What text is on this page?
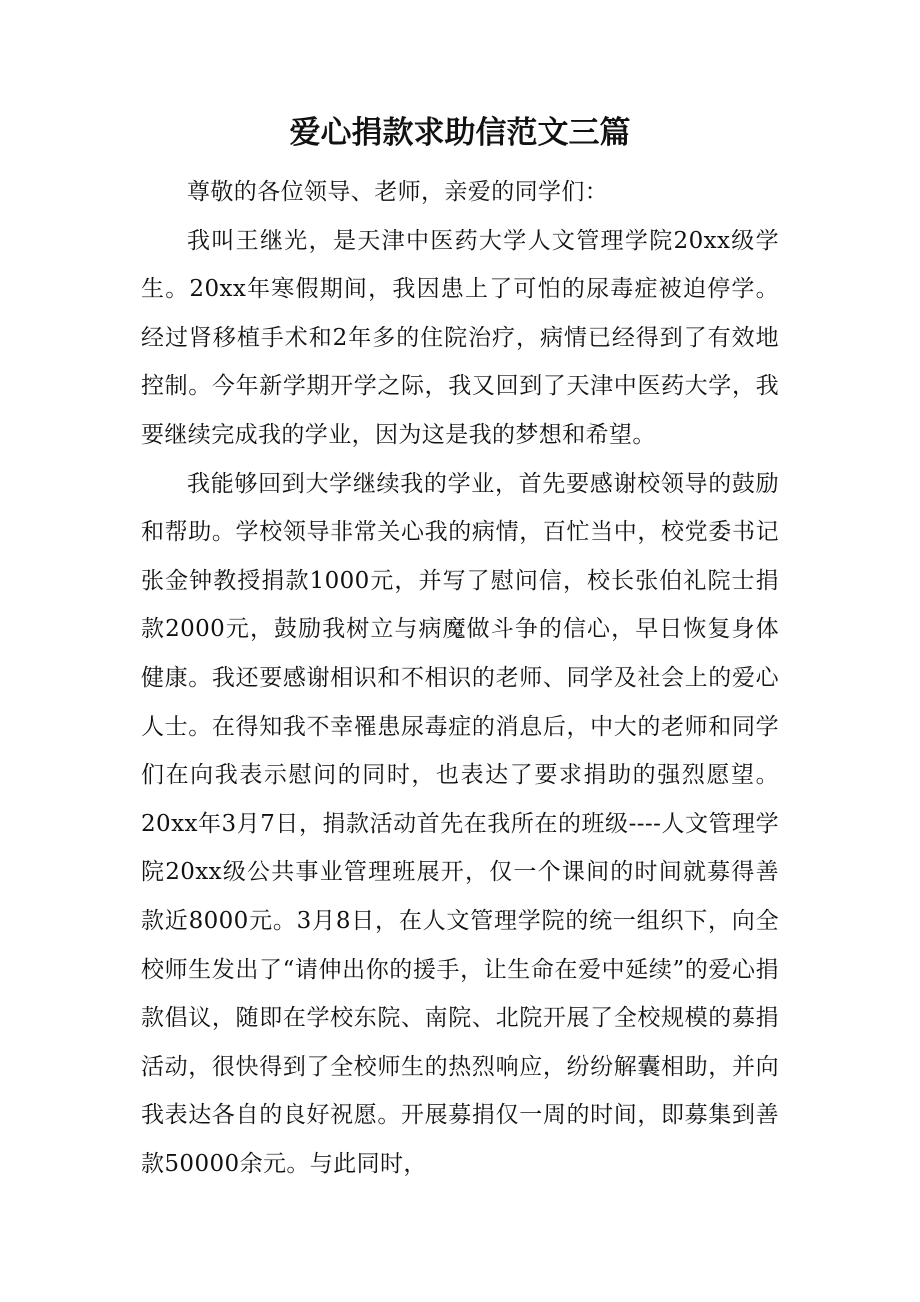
爱心捐款求助信范文三篇

尊敬的各位领导、老师，亲爱的同学们：

我叫王继光，是天津中医药大学人文管理学院20xx级学生。20xx年寒假期间，我因患上了可怕的尿毒症被迫停学。经过肾移植手术和2年多的住院治疗，病情已经得到了有效地控制。今年新学期开学之际，我又回到了天津中医药大学，我要继续完成我的学业，因为这是我的梦想和希望。

我能够回到大学继续我的学业，首先要感谢校领导的鼓励和帮助。学校领导非常关心我的病情，百忙当中，校党委书记张金钟教授捐款1000元，并写了慰问信，校长张伯礼院士捐款2000元，鼓励我树立与病魔做斗争的信心，早日恢复身体健康。我还要感谢相识和不相识的老师、同学及社会上的爱心人士。在得知我不幸罹患尿毒症的消息后，中大的老师和同学们在向我表示慰问的同时，也表达了要求捐助的强烈愿望。20xx年3月7日，捐款活动首先在我所在的班级----人文管理学院20xx级公共事业管理班展开，仅一个课间的时间就募得善款近8000元。3月8日，在人文管理学院的统一组织下，向全校师生发出了“请伸出你的援手，让生命在爱中延续”的爱心捐款倡议，随即在学校东院、南院、北院开展了全校规模的募捐活动，很快得到了全校师生的热烈响应，纷纷解囊相助，并向我表达各自的良好祝愿。开展募捐仅一周的时间，即募集到善款50000余元。与此同时，
